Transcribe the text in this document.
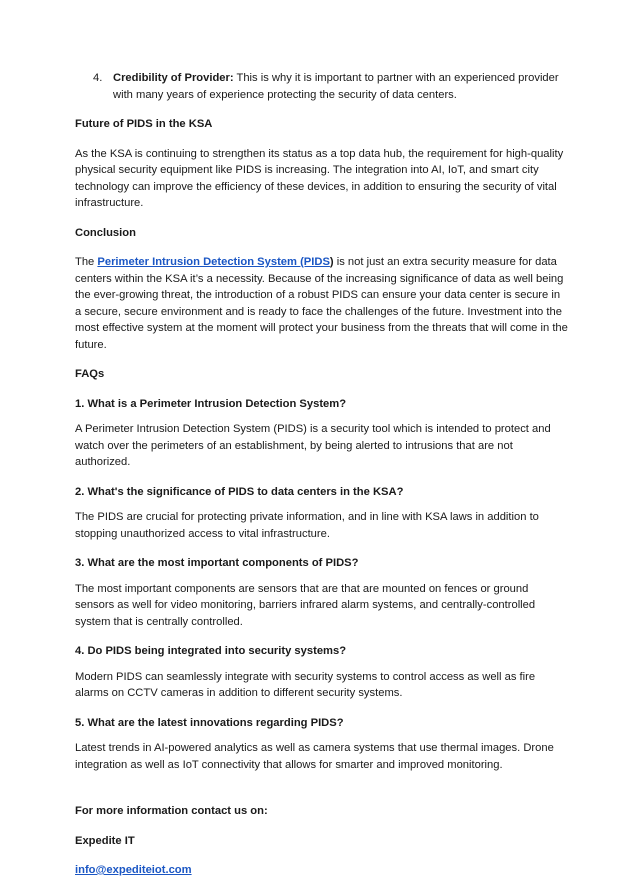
4. Credibility of Provider: This is why it is important to partner with an experienced provider with many years of experience protecting the security of data centers.

Future of PIDS in the KSA

As the KSA is continuing to strengthen its status as a top data hub, the requirement for high-quality physical security equipment like PIDS is increasing. The integration into AI, IoT, and smart city technology can improve the efficiency of these devices, in addition to ensuring the security of vital infrastructure.

Conclusion

The Perimeter Intrusion Detection System (PIDS) is not just an extra security measure for data centers within the KSA it’s a necessity. Because of the increasing significance of data as well being the ever-growing threat, the introduction of a robust PIDS can ensure your data center is secure in a secure, secure environment and is ready to face the challenges of the future. Investment into the most effective system at the moment will protect your business from the threats that will come in the future.

FAQs

1. What is a Perimeter Intrusion Detection System?

A Perimeter Intrusion Detection System (PIDS) is a security tool which is intended to protect and watch over the perimeters of an establishment, by being alerted to intrusions that are not authorized.

2. What's the significance of PIDS to data centers in the KSA?

The PIDS are crucial for protecting private information, and in line with KSA laws in addition to stopping unauthorized access to vital infrastructure.

3. What are the most important components of PIDS?

The most important components are sensors that are that are mounted on fences or ground sensors as well for video monitoring, barriers infrared alarm systems, and centrally-controlled system that is centrally controlled.

4. Do PIDS being integrated into security systems?

Modern PIDS can seamlessly integrate with security systems to control access as well as fire alarms on CCTV cameras in addition to different security systems.

5. What are the latest innovations regarding PIDS?

Latest trends in AI-powered analytics as well as camera systems that use thermal images. Drone integration as well as IoT connectivity that allows for smarter and improved monitoring.

For more information contact us on:

Expedite IT

info@expediteiot.com
